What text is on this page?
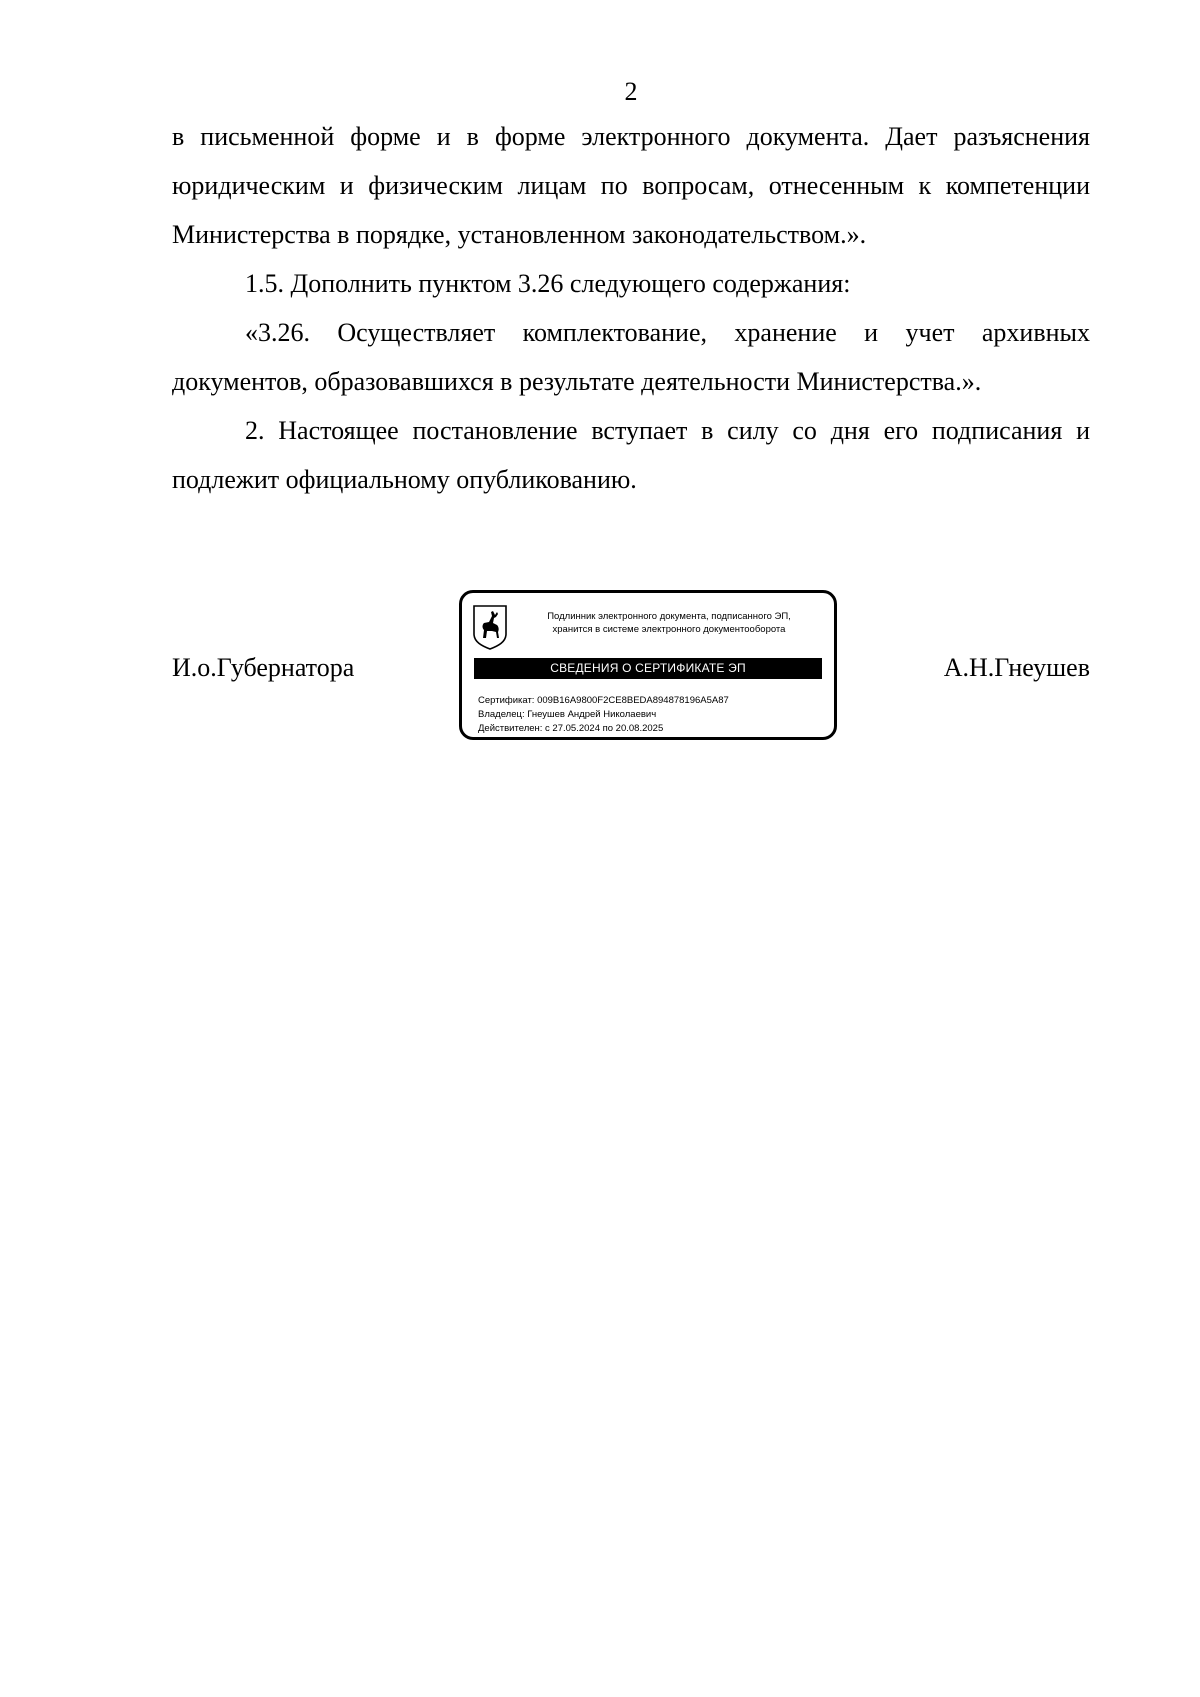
2

в письменной форме и в форме электронного документа. Дает разъяснения юридическим и физическим лицам по вопросам, отнесенным к компетенции Министерства в порядке, установленном законодательством.».

1.5. Дополнить пунктом 3.26 следующего содержания:

«3.26. Осуществляет комплектование, хранение и учет архивных документов, образовавшихся в результате деятельности Министерства.».

2. Настоящее постановление вступает в силу со дня его подписания и подлежит официальному опубликованию.

И.о.Губернатора
Подлинник электронного документа, подписанного ЭП,
хранится в системе электронного документооборота
СВЕДЕНИЯ О СЕРТИФИКАТЕ ЭП
Сертификат: 009B16A9800F2CE8BEDA894878196A5A87
Владелец: Гнеушев Андрей Николаевич
Действителен: с 27.05.2024 по 20.08.2025
А.Н.Гнеушев
